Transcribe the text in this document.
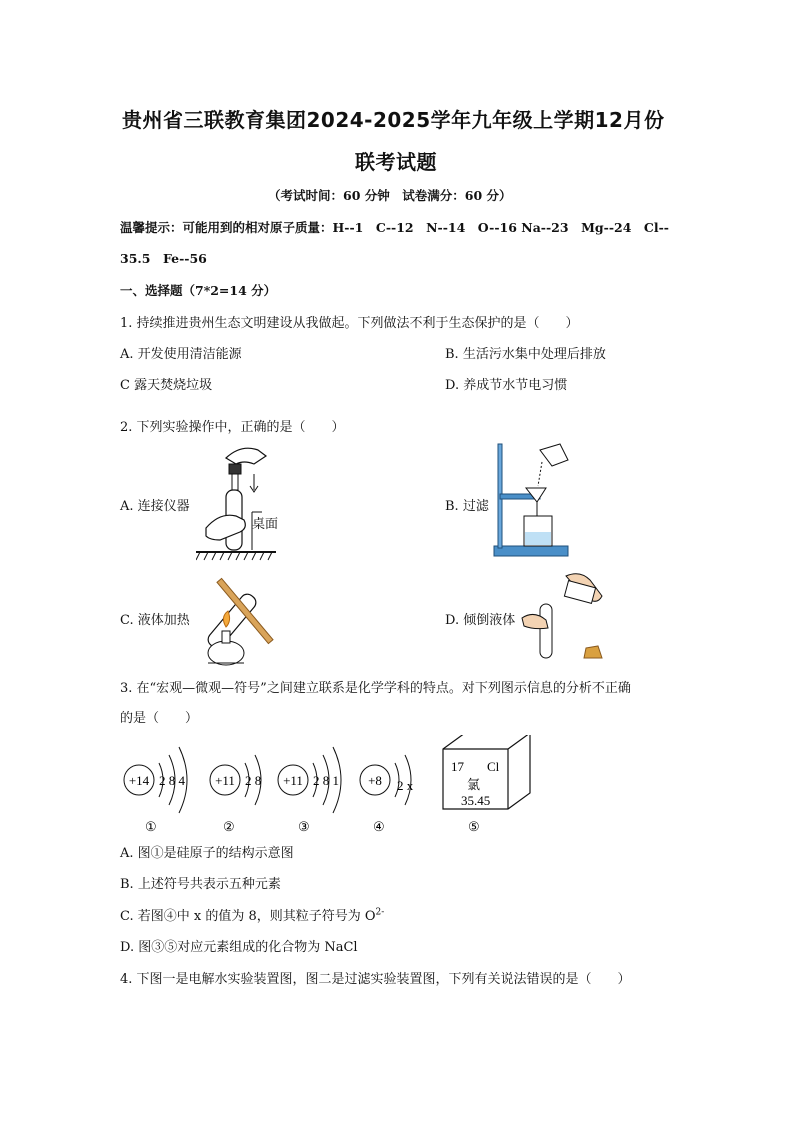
贵州省三联教育集团2024-2025学年九年级上学期12月份
联考试题
（考试时间：60 分钟　试卷满分：60 分）
温馨提示：可能用到的相对原子质量：H--1　C--12　N--14　O--16 Na--23　Mg--24　Cl--
35.5　Fe--56
一、选择题（7*2=14 分）
1. 持续推进贵州生态文明建设从我做起。下列做法不利于生态保护的是（　　）
A. 开发使用清洁能源	B. 生活污水集中处理后排放
C 露天焚烧垃圾	D. 养成节水节电习惯
2. 下列实验操作中，正确的是（　　）
A. 连接仪器	B. 过滤
C. 液体加热	D. 倾倒液体
桌面
3. 在“宏观—微观—符号”之间建立联系是化学学科的特点。对下列图示信息的分析不正确
的是（　　）
+14 2 8 4
①
+11 2 8
②
+11 2 8 1
③
+8 2 x
④
17 Cl
氯
35.45
⑤
A. 图①是硅原子的结构示意图
B. 上述符号共表示五种元素
C. 若图④中 x 的值为 8，则其粒子符号为 $O^{2-}$
D. 图③⑤对应元素组成的化合物为 NaCl
4. 下图一是电解水实验装置图，图二是过滤实验装置图，下列有关说法错误的是（　　）
